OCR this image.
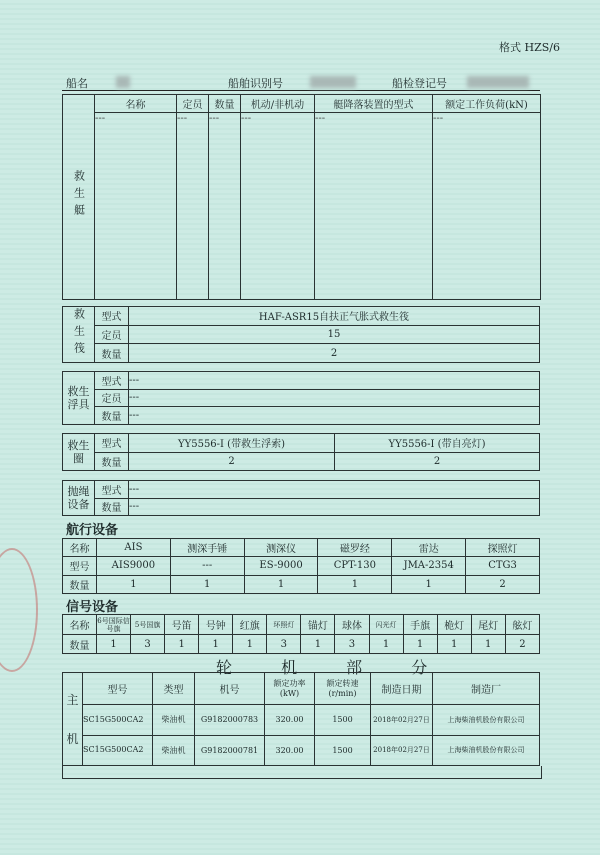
格式 HZS/6
船名	船舶识别号	船检登记号
救生艇	名称	定员	数量	机动/非机动	艇降落装置的型式	额定工作负荷(kN)
	---	---	---	---	---	---
救生筏	型式	HAF-ASR15自扶正气胀式救生筏
	定员	15
	数量	2
救生浮具	型式	---
	定员	---
	数量	---
救生圈	型式	YY5556-I (带救生浮索)	YY5556-I (带自亮灯)
	数量	2	2
抛绳设备	型式	---
	数量	---
航行设备
名称	AIS	测深手锤	测深仪	磁罗经	雷达	探照灯
型号	AIS9000	---	ES-9000	CPT-130	JMA-2354	CTG3
数量	1	1	1	1	1	2
信号设备
名称	6号国际信号旗	5号国旗	号笛	号钟	红旗	环照灯	锚灯	球体	闪光灯	手旗	桅灯	尾灯	舷灯
数量	1	3	1	1	1	3	1	3	1	1	1	1	2
轮 机 部 分
主
机	型号	类型	机号	额定功率(kW)	额定转速(r/min)	制造日期	制造厂
	SC15G500CA2	柴油机	G9182000783	320.00	1500	2018年02月27日	上海柴油机股份有限公司
	SC15G500CA2	柴油机	G9182000781	320.00	1500	2018年02月27日	上海柴油机股份有限公司
